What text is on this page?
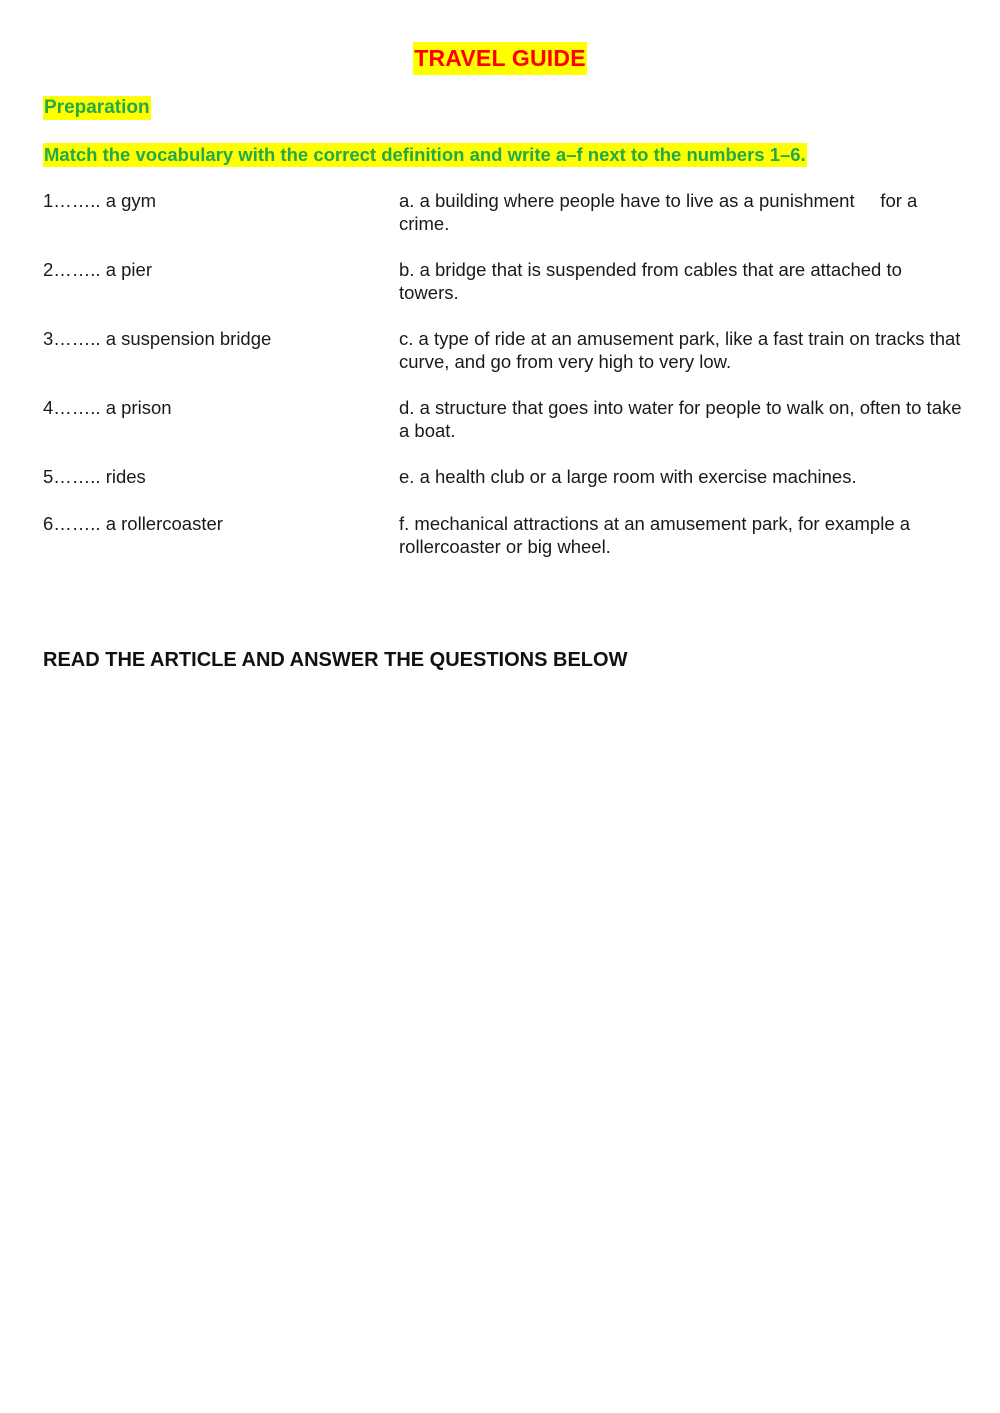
TRAVEL GUIDE
Preparation
Match the vocabulary with the correct definition and write a–f next to the numbers 1–6.
1…….. a gym	a. a building where people have to live as a punishment     for a crime.
2…….. a pier	b. a bridge that is suspended from cables that are attached to towers.
3…….. a suspension bridge	c. a type of ride at an amusement park, like a fast train on tracks that curve, and go from very high to very low.
4…….. a prison	d. a structure that goes into water for people to walk on, often to take a boat.
5…….. rides	e. a health club or a large room with exercise machines.
6…….. a rollercoaster	f. mechanical attractions at an amusement park, for example a rollercoaster or big wheel.
READ THE ARTICLE AND ANSWER THE QUESTIONS BELOW
